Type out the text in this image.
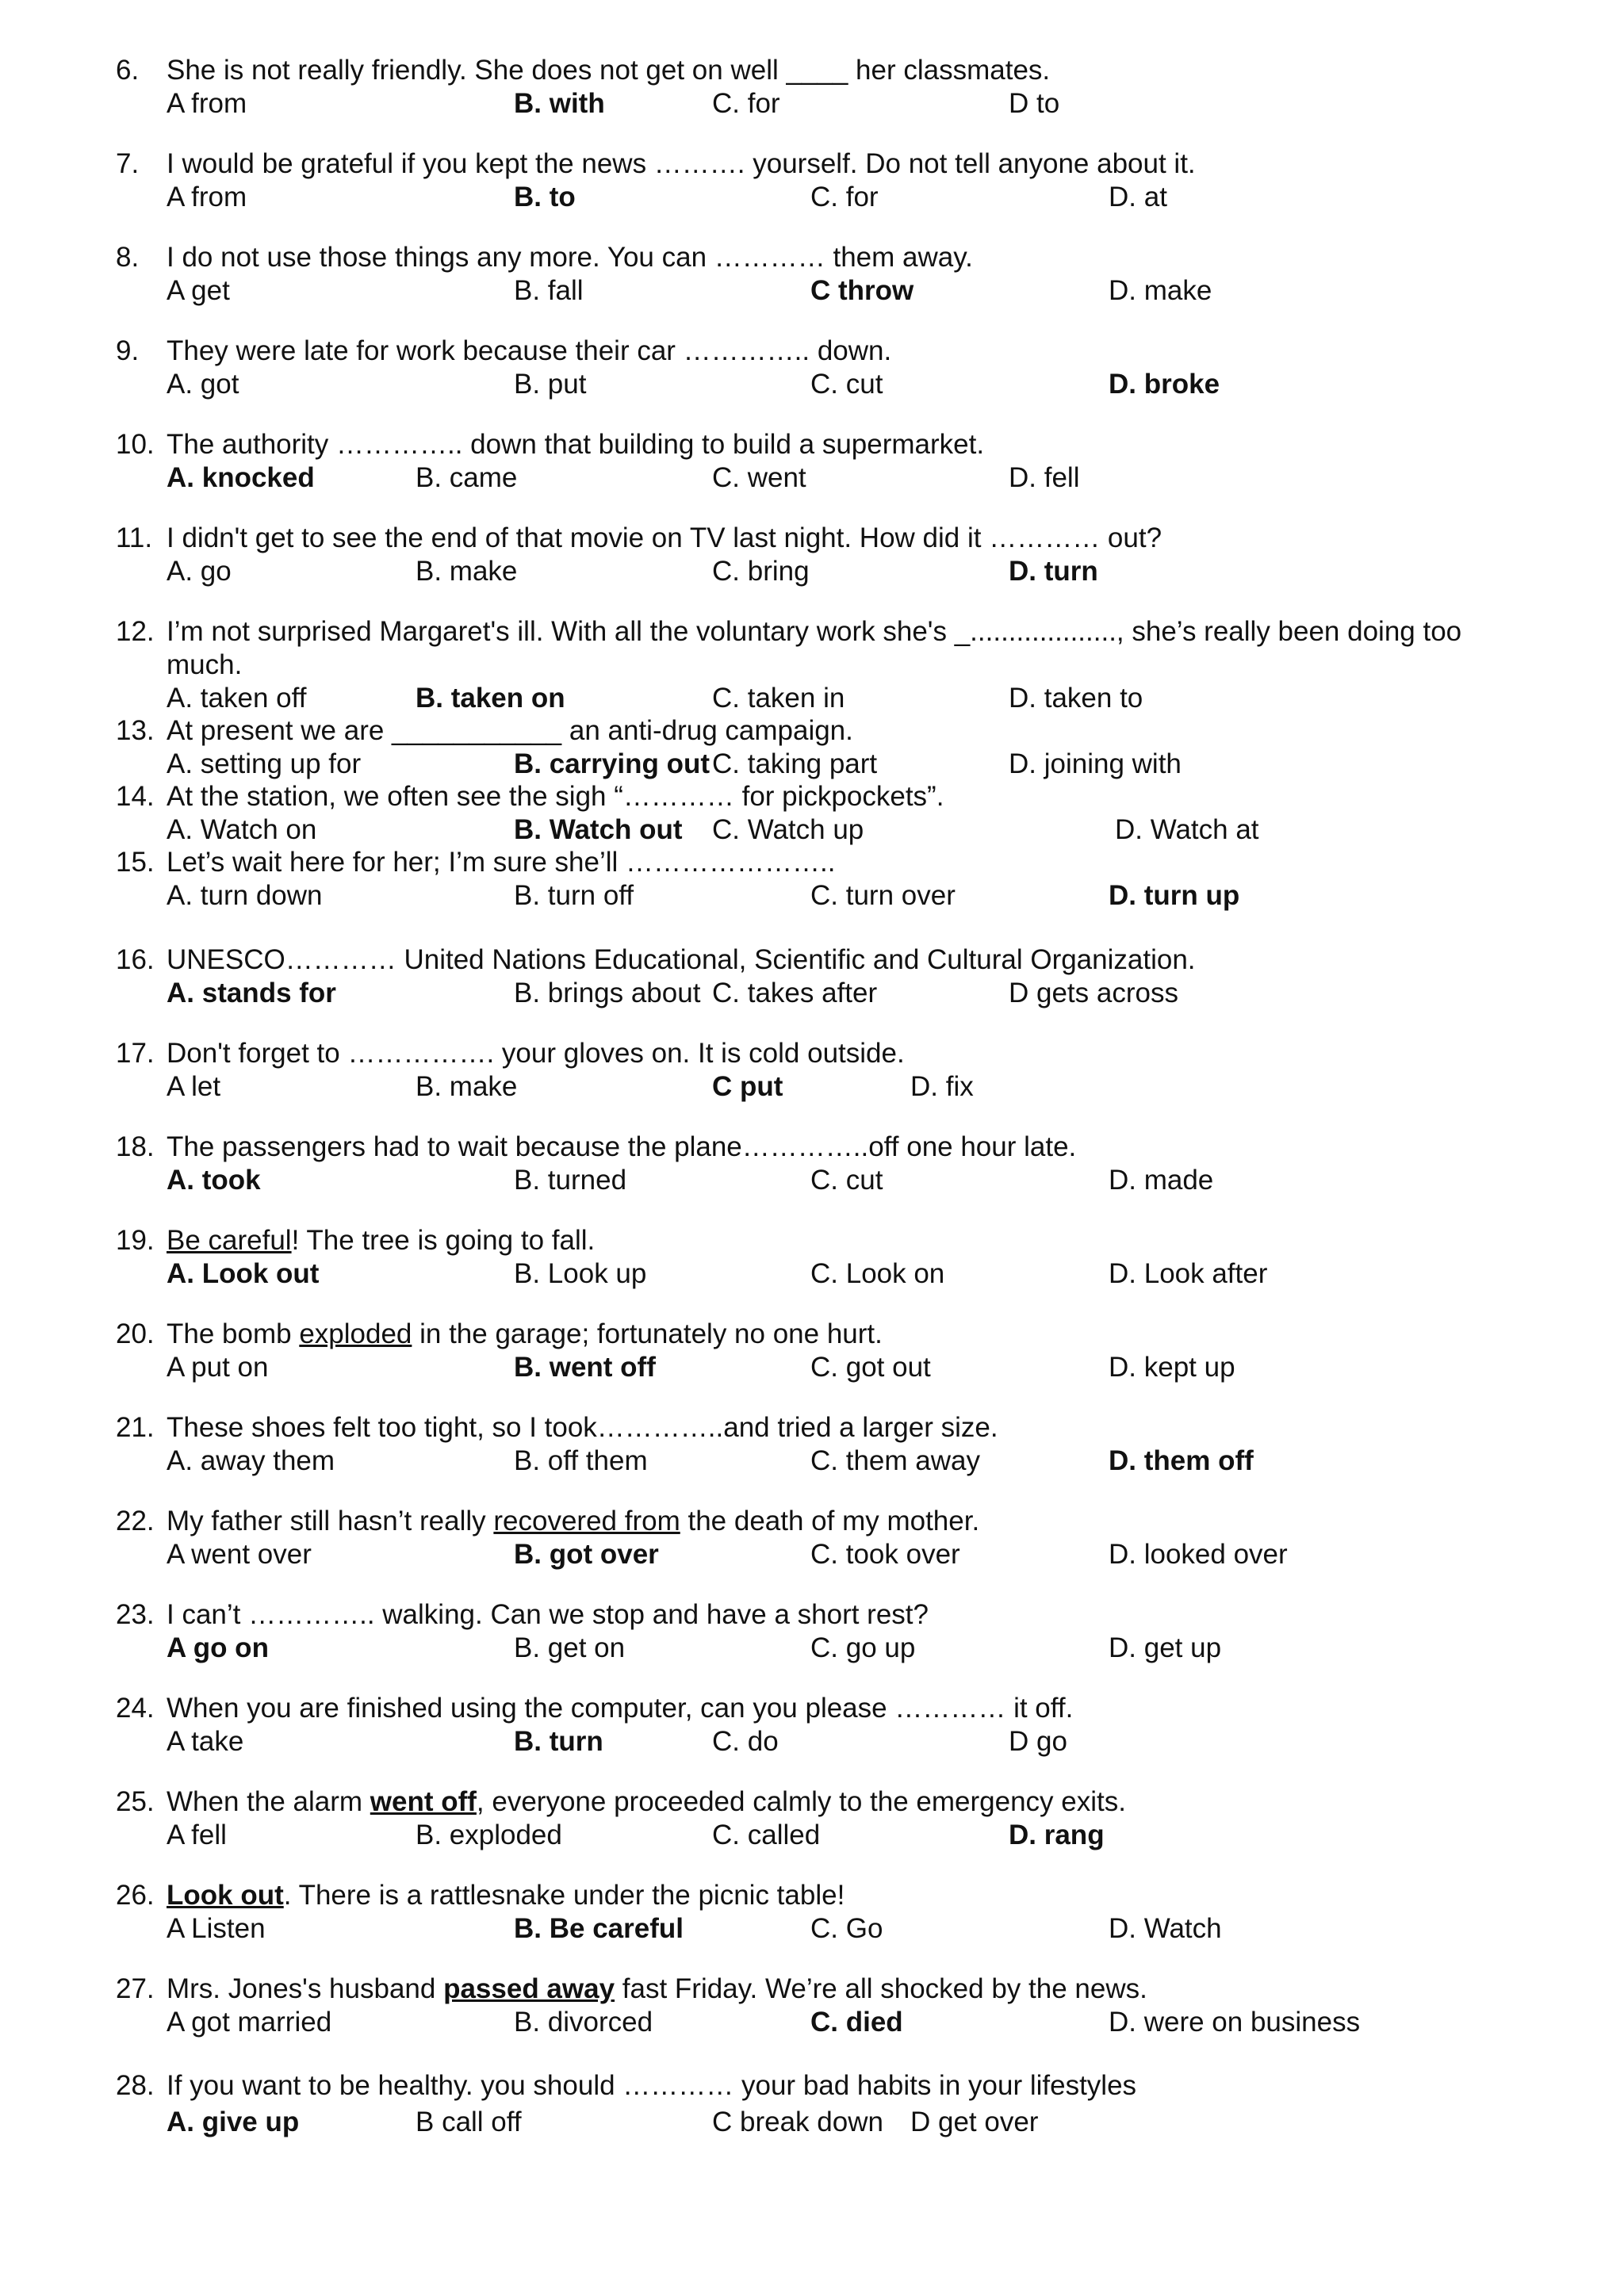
6. She is not really friendly. She does not get on well ____ her classmates.
A from	B. with	C. for	D to
7. I would be grateful if you kept the news ………. yourself. Do not tell anyone about it.
A from	B. to	C. for	D. at
8. I do not use those things any more. You can ………… them away.
A get	B. fall	C throw	D. make
9. They were late for work because their car ………….. down.
A. got	B. put	C. cut	D. broke
10. The authority ………….. down that building to build a supermarket.
A. knocked	B. came	C. went	D. fell
11. I didn't get to see the end of that movie on TV last night. How did it ………… out?
A. go	B. make	C. bring	D. turn
12. I’m not surprised Margaret's ill. With all the voluntary work she's _..................., she’s really been doing too much.
A. taken off	B. taken on	C. taken in	D. taken to
13. At present we are ___________ an anti-drug campaign.
A. setting up for	B. carrying out C. taking part	D. joining with
14. At the station, we often see the sigh “………… for pickpockets”.
A. Watch on	B. Watch out C. Watch up	D. Watch at
15. Let’s wait here for her; I’m sure she’ll …………………..
A. turn down	B. turn off	C. turn over	D. turn up
16. UNESCO………… United Nations Educational, Scientific and Cultural Organization.
A. stands for	B. brings about C. takes after	D gets across
17. Don't forget to ……………. your gloves on. It is cold outside.
A let	B. make	C put	D. fix
18. The passengers had to wait because the plane…………..off one hour late.
A. took	B. turned	C. cut	D. made
19. Be careful! The tree is going to fall.
A. Look out	B. Look up	C. Look on	D. Look after
20. The bomb exploded in the garage; fortunately no one hurt.
A put on	B. went off	C. got out	D. kept up
21. These shoes felt too tight, so I took…………..and tried a larger size.
A. away them	B. off them	C. them away	D. them off
22. My father still hasn’t really recovered from the death of my mother.
A went over	B. got over	C. took over	D. looked over
23. I can’t ………….. walking. Can we stop and have a short rest?
A go on	B. get on	C. go up	D. get up
24. When you are finished using the computer, can you please ………… it off.
A take	B. turn	C. do	D go
25. When the alarm went off, everyone proceeded calmly to the emergency exits.
A fell	B. exploded	C. called	D. rang
26. Look out. There is a rattlesnake under the picnic table!
A Listen	B. Be careful	C. Go	D. Watch
27. Mrs. Jones's husband passed away fast Friday. We’re all shocked by the news.
A got married	B. divorced	C. died	D. were on business
28. If you want to be healthy. you should ………… your bad habits in your lifestyles
A. give up	B call off	C break down D get over
